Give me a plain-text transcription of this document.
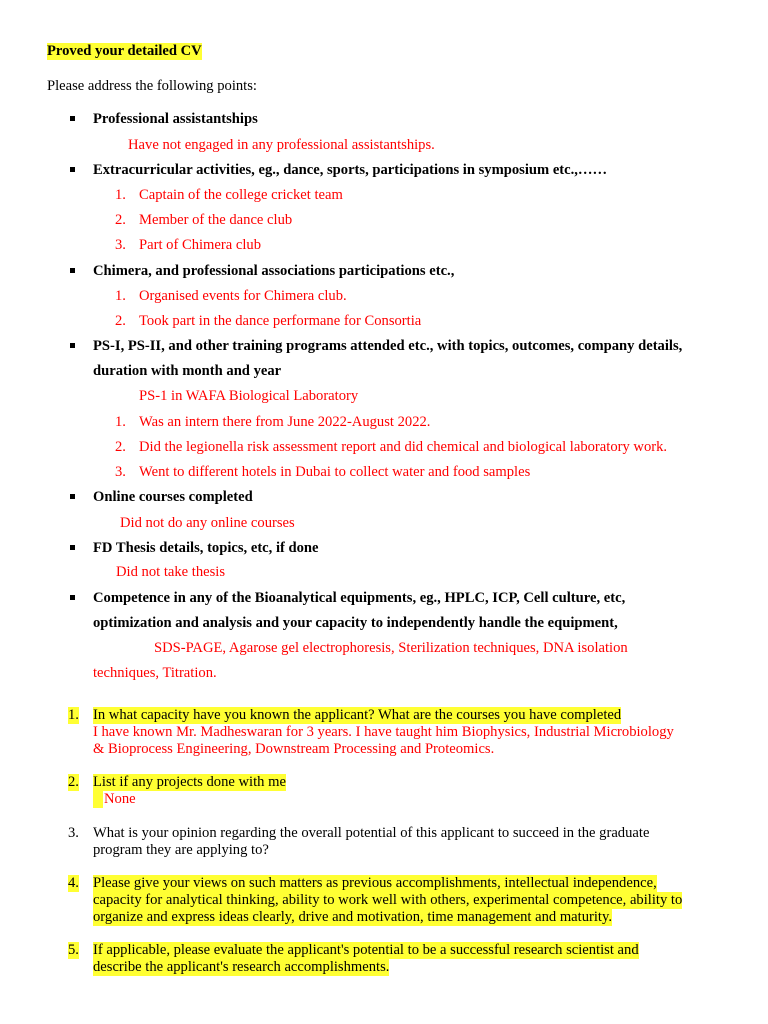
Proved your detailed CV
Please address the following points:
Professional assistantships
Have not engaged in any professional assistantships.
Extracurricular activities, eg., dance, sports, participations in symposium etc.,……
1. Captain of the college cricket team
2. Member of the dance club
3. Part of Chimera club
Chimera, and professional associations participations etc.,
1. Organised events for Chimera club.
2. Took part in the dance performane for Consortia
PS-I, PS-II, and other training programs attended etc., with topics, outcomes, company details,
duration with month and year
PS-1 in WAFA Biological Laboratory
1. Was an intern there from June 2022-August 2022.
2. Did the legionella risk assessment report and did chemical and biological laboratory work.
3. Went to different hotels in Dubai to collect water and food samples
Online courses completed
Did not do any online courses
FD Thesis details, topics, etc, if done
Did not take thesis
Competence in any of the Bioanalytical equipments, eg., HPLC, ICP, Cell culture, etc,
optimization and analysis and your capacity to independently handle the equipment,
SDS-PAGE, Agarose gel electrophoresis, Sterilization techniques, DNA isolation
techniques, Titration.
1. In what capacity have you known the applicant? What are the courses you have completed
I have known Mr. Madheswaran for 3 years. I have taught him Biophysics, Industrial Microbiology
& Bioprocess Engineering, Downstream Processing and Proteomics.
2. List if any projects done with me
None
3. What is your opinion regarding the overall potential of this applicant to succeed in the graduate
program they are applying to?
4. Please give your views on such matters as previous accomplishments, intellectual independence,
capacity for analytical thinking, ability to work well with others, experimental competence, ability to
organize and express ideas clearly, drive and motivation, time management and maturity.
5. If applicable, please evaluate the applicant's potential to be a successful research scientist and
describe the applicant's research accomplishments.
